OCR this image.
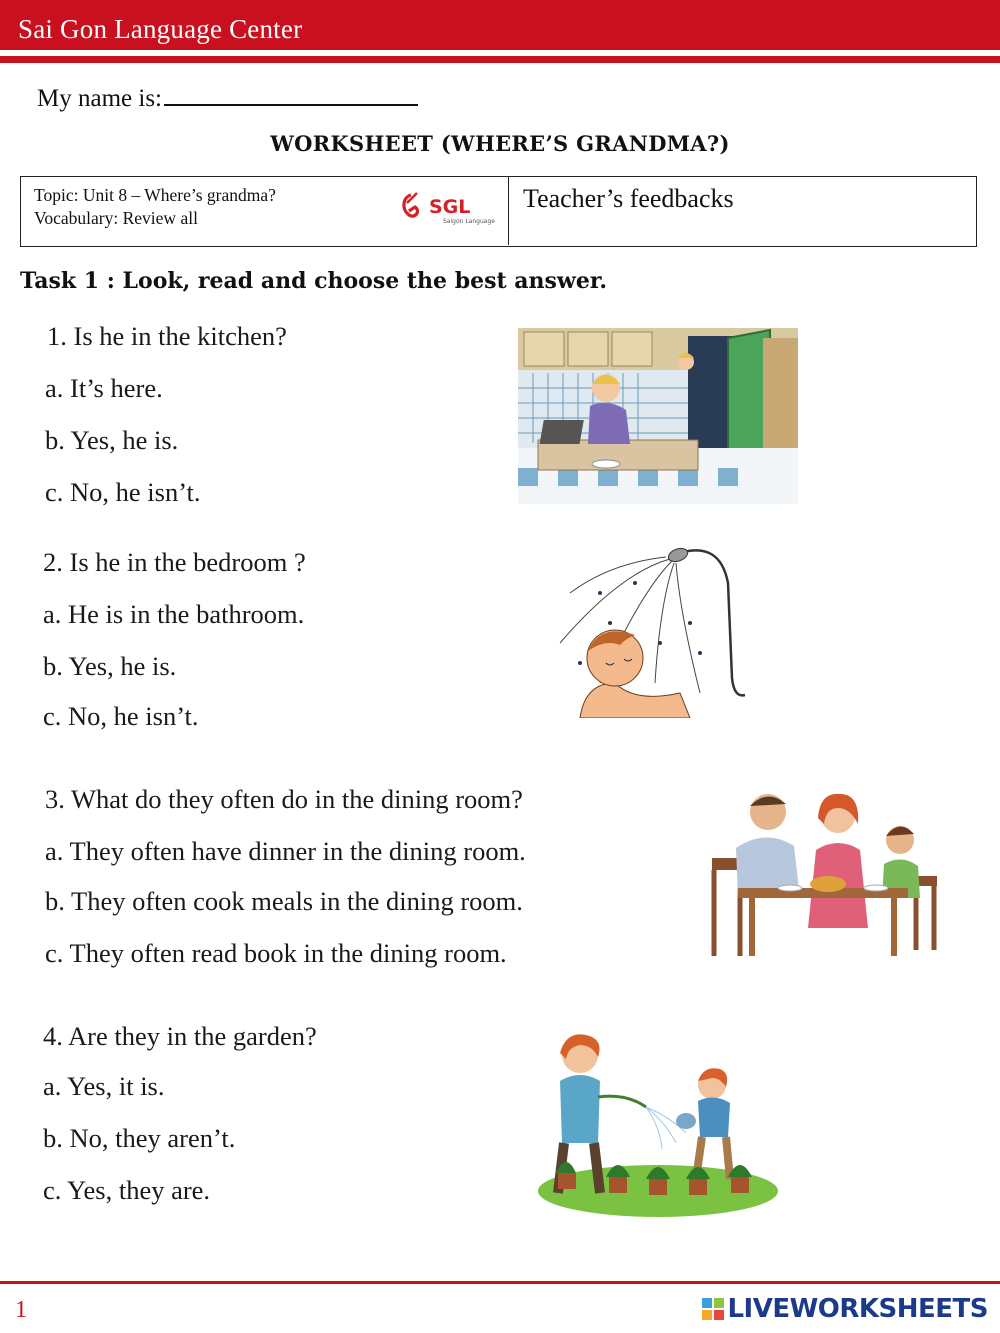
Sai Gon Language Center
My name is:
WORKSHEET (WHERE’S GRANDMA?)
Topic: Unit 8 – Where’s grandma?
Vocabulary: Review all	SGL
Saigon Language
Teacher’s feedbacks
Task 1 : Look, read and choose the best answer.
1. Is he in the kitchen?
a. It’s here.
b. Yes, he is.
c. No, he isn’t.
2. Is he in the bedroom ?
a. He is in the bathroom.
b. Yes, he is.
c. No, he isn’t.
3. What do they often do in the dining room?
a. They often have dinner in the dining room.
b. They often cook meals in the dining room.
c. They often read book in the dining room.
4. Are they in the garden?
a. Yes, it is.
b. No, they aren’t.
c. Yes, they are.
1	LIVEWORKSHEETS
